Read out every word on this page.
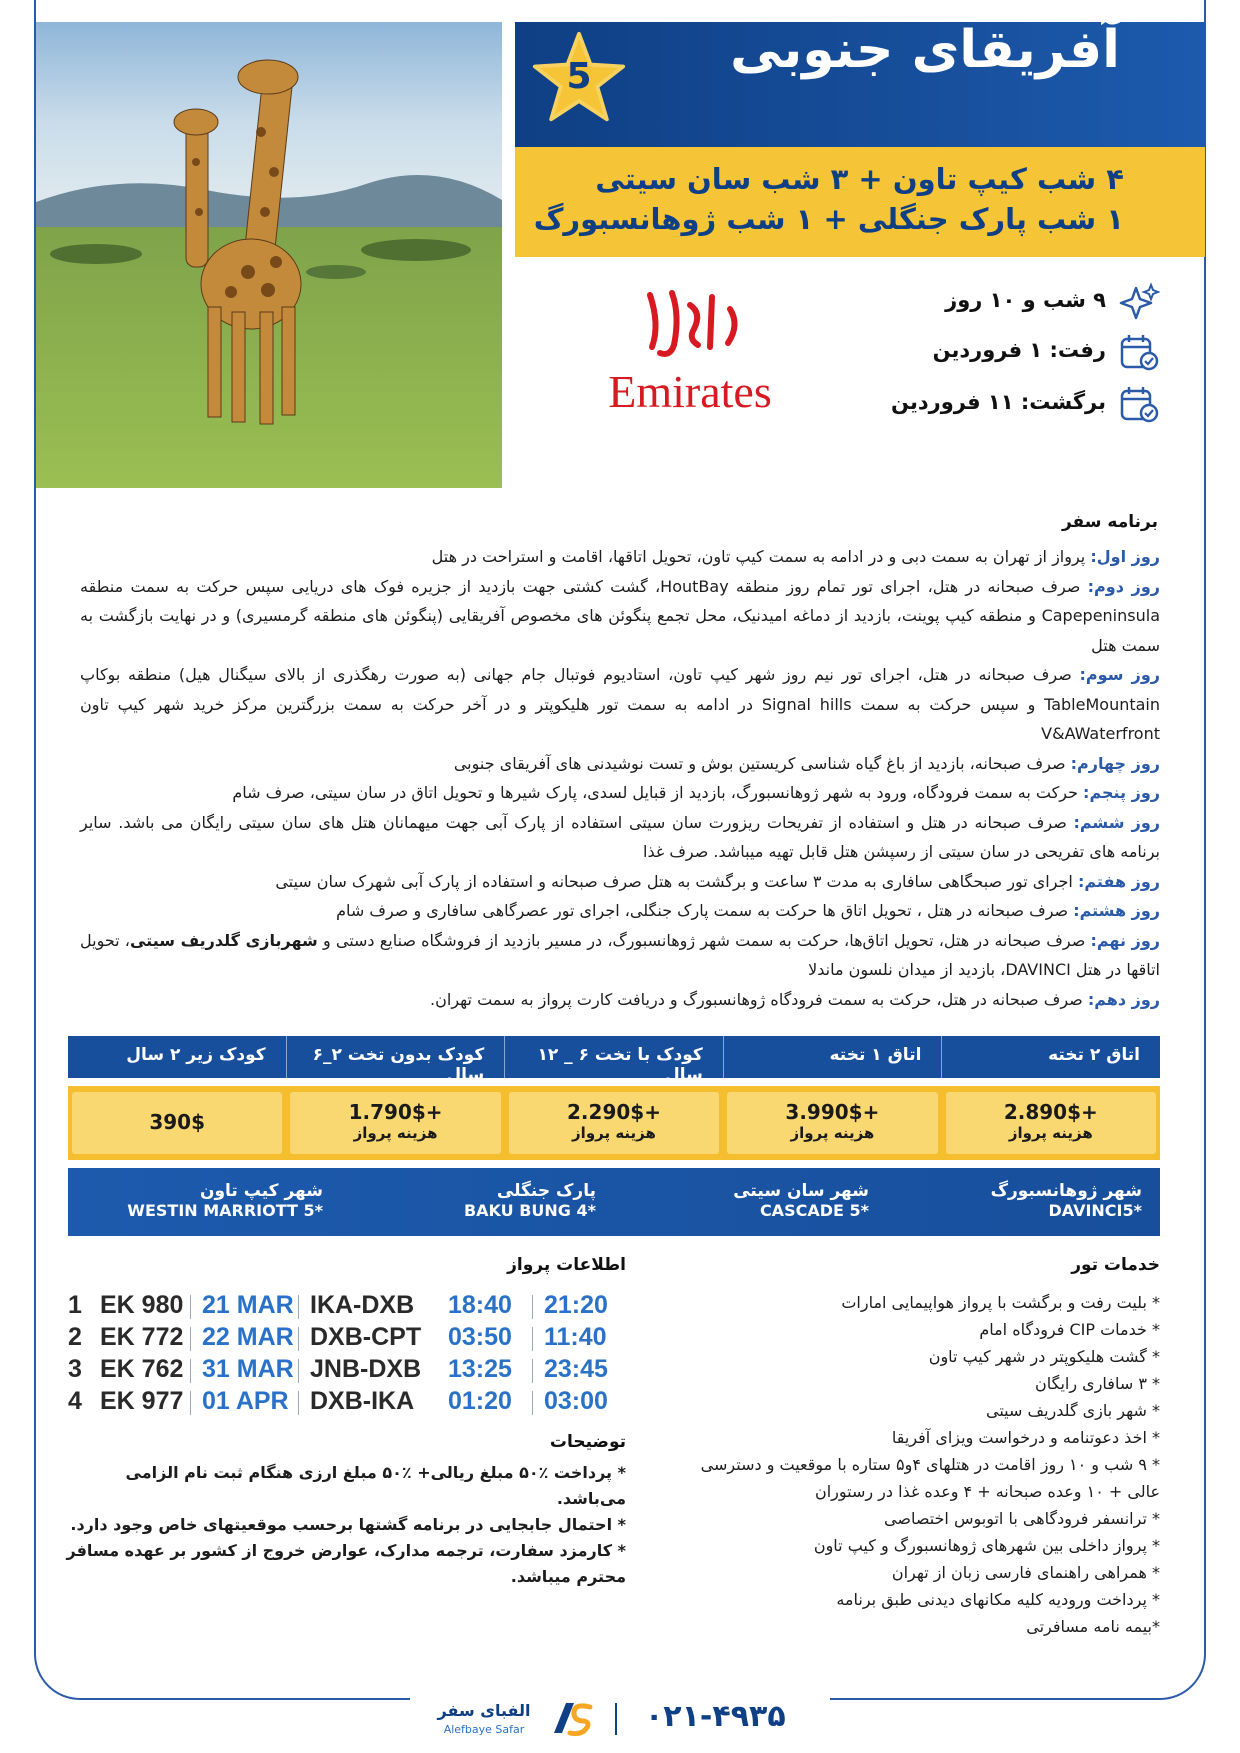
5	آفریقای جنوبی
۴ شب کیپ تاون + ۳ شب سان سیتی
۱ شب پارک جنگلی + ۱ شب ژوهانسبورگ
۹ شب و ۱۰ روز
رفت: ۱ فروردین
برگشت: ۱۱ فروردین
Emirates
برنامه سفر
روز اول: پرواز از تهران به سمت دبی و در ادامه به سمت کیپ تاون، تحویل اتاقها، اقامت و استراحت در هتل
روز دوم: صرف صبحانه در هتل، اجرای تور تمام روز منطقه HoutBay، گشت کشتی جهت بازدید از جزیره فوک های دریایی سپس حرکت به سمت منطقه Capepeninsula و منطقه کیپ پوینت، بازدید از دماغه امیدنیک، محل تجمع پنگوئن های مخصوص آفریقایی (پنگوئن های منطقه گرمسیری) و در نهایت بازگشت به سمت هتل
روز سوم: صرف صبحانه در هتل، اجرای تور نیم روز شهر کیپ تاون، استادیوم فوتبال جام جهانی (به صورت رهگذری از بالای سیگنال هیل) منطقه بوکاپ TableMountain و سپس حرکت به سمت Signal hills در ادامه به سمت تور هلیکوپتر و در آخر حرکت به سمت بزرگترین مرکز خرید شهر کیپ تاون V&AWaterfront
روز چهارم: صرف صبحانه، بازدید از باغ گیاه شناسی کریستین بوش و تست نوشیدنی های آفریقای جنوبی
روز پنجم: حرکت به سمت فرودگاه، ورود به شهر ژوهانسبورگ، بازدید از قبایل لسدی، پارک شیرها و تحویل اتاق در سان سیتی، صرف شام
روز ششم: صرف صبحانه در هتل و استفاده از تفریحات ریزورت سان سیتی استفاده از پارک آبی جهت میهمانان هتل های سان سیتی رایگان می باشد. سایر برنامه های تفریحی در سان سیتی از رسپشن هتل قابل تهیه میباشد. صرف غذا
روز هفتم: اجرای تور صبحگاهی سافاری به مدت ۳ ساعت و برگشت به هتل صرف صبحانه و استفاده از پارک آبی شهرک سان سیتی
روز هشتم: صرف صبحانه در هتل ، تحویل اتاق ها حرکت به سمت پارک جنگلی، اجرای تور عصرگاهی سافاری و صرف شام
روز نهم: صرف صبحانه در هتل، تحویل اتاق‌ها، حرکت به سمت شهر ژوهانسبورگ، در مسیر بازدید از فروشگاه صنایع دستی و شهربازی گلدریف سیتی، تحویل اتاقها در هتل DAVINCI، بازدید از میدان نلسون ماندلا
روز دهم: صرف صبحانه در هتل، حرکت به سمت فرودگاه ژوهانسبورگ و دریافت کارت پرواز به سمت تهران.
اتاق ۲ تخته
اتاق ۱ تخته
کودک با تخت ۶ _ ۱۲ سال
کودک بدون تخت ۲_۶ سال
کودک زیر ۲ سال
2.890$+
هزینه پرواز
3.990$+
هزینه پرواز
2.290$+
هزینه پرواز
1.790$+
هزینه پرواز
390$
شهر ژوهانسبورگ
DAVINCI5*
شهر سان سیتی
CASCADE 5*
پارک جنگلی
BAKU BUNG 4*
شهر کیپ تاون
WESTIN MARRIOTT 5*
خدمات تور
* بلیت رفت و برگشت با پرواز هواپیمایی امارات
* خدمات CIP فرودگاه امام
* گشت هلیکوپتر در شهر کیپ تاون
* ۳ سافاری رایگان
* شهر بازی گلدریف سیتی
* اخذ دعوتنامه و درخواست ویزای آفریقا
* ۹ شب و ۱۰ روز اقامت در هتلهای ۴و۵ ستاره با موقعیت و دسترسی عالی + ۱۰ وعده صبحانه + ۴ وعده غذا در رستوران
* ترانسفر فرودگاهی با اتوبوس اختصاصی
* پرواز داخلی بین شهرهای ژوهانسبورگ و کیپ تاون
* همراهی راهنمای فارسی زبان از تهران
* پرداخت ورودیه کلیه مکانهای دیدنی طبق برنامه
*بیمه نامه مسافرتی
اطلاعات پرواز
1 EK 980 21 MAR IKA-DXB 18:40 21:20
2 EK 772 22 MAR DXB-CPT 03:50 11:40
3 EK 762 31 MAR JNB-DXB 13:25 23:45
4 EK 977 01 APR DXB-IKA 01:20 03:00
توضیحات
* پرداخت ٪۵۰ مبلغ ریالی+ ٪۵۰ مبلغ ارزی هنگام ثبت نام الزامی می‌باشد.
* احتمال جابجایی در برنامه گشتها برحسب موقعیتهای خاص وجود دارد.
* کارمزد سفارت، ترجمه مدارک، عوارض خروج از کشور بر عهده مسافر محترم میباشد.
الفبای سفر
Alefbaye Safar	۰۲۱-۴۹۳۵
